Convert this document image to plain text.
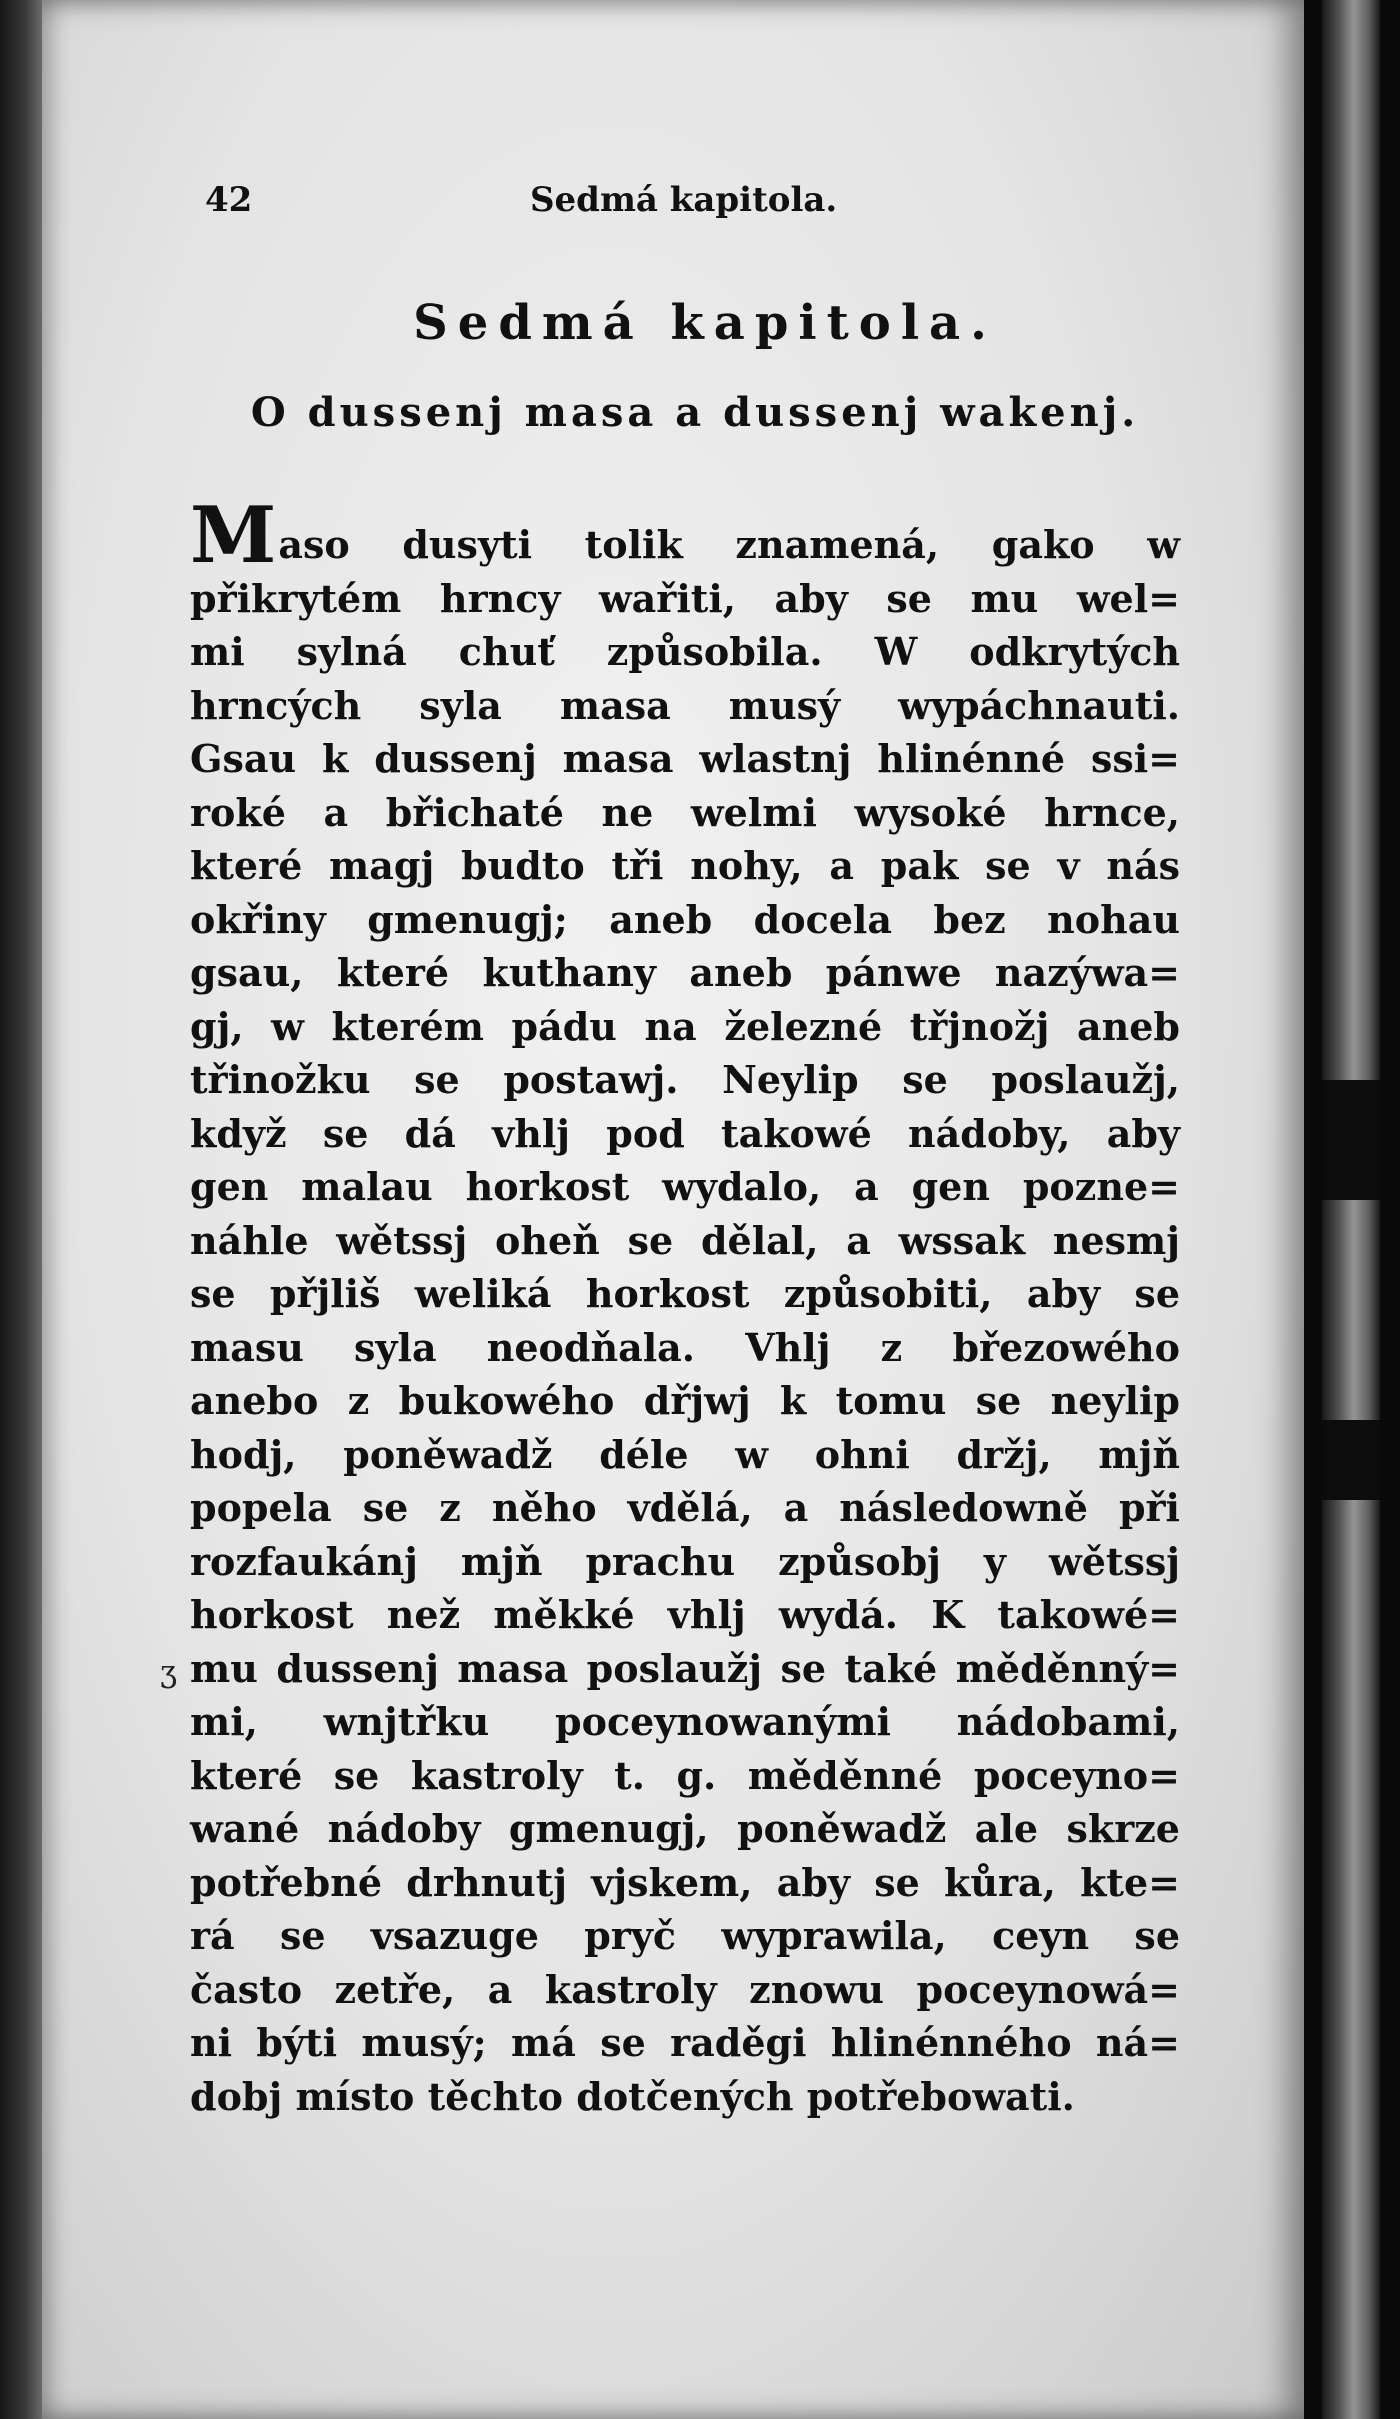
42	Sedmá kapitola.
Sedmá kapitola.
O dussenj masa a dussenj wakenj.
Maso dusyti tolik znamená, gako w
přikrytém hrncy wařiti, aby se mu wel=
mi sylná chuť způsobila. W odkrytých
hrncých syla masa musý wypáchnauti.
Gsau k dussenj masa wlastnj hlinénné ssi=
roké a břichaté ne welmi wysoké hrnce,
které magj budto tři nohy, a pak se v nás
okřiny gmenugj; aneb docela bez nohau
gsau, které kuthany aneb pánwe nazýwa=
gj, w kterém pádu na železné třjnožj aneb
třinožku se postawj. Neylip se poslaužj,
když se dá vhlj pod takowé nádoby, aby
gen malau horkost wydalo, a gen pozne=
náhle wětssj oheň se dělal, a wssak nesmj
se přjliš weliká horkost způsobiti, aby se
masu syla neodňala. Vhlj z březowého
anebo z bukowého dřjwj k tomu se neylip
hodj, poněwadž déle w ohni držj, mjň
popela se z něho vdělá, a následowně při
rozfaukánj mjň prachu způsobj y wětssj
horkost než měkké vhlj wydá. K takowé=
mu dussenj masa poslaužj se také měděnný=
mi, wnjtřku poceynowanými nádobami,
které se kastroly t. g. měděnné poceyno=
wané nádoby gmenugj, poněwadž ale skrze
potřebné drhnutj vjskem, aby se kůra, kte=
rá se vsazuge pryč wyprawila, ceyn se
často zetře, a kastroly znowu poceynowá=
ni býti musý; má se raděgi hlinénného ná=
dobj místo těchto dotčených potřebowati.
ʒ
